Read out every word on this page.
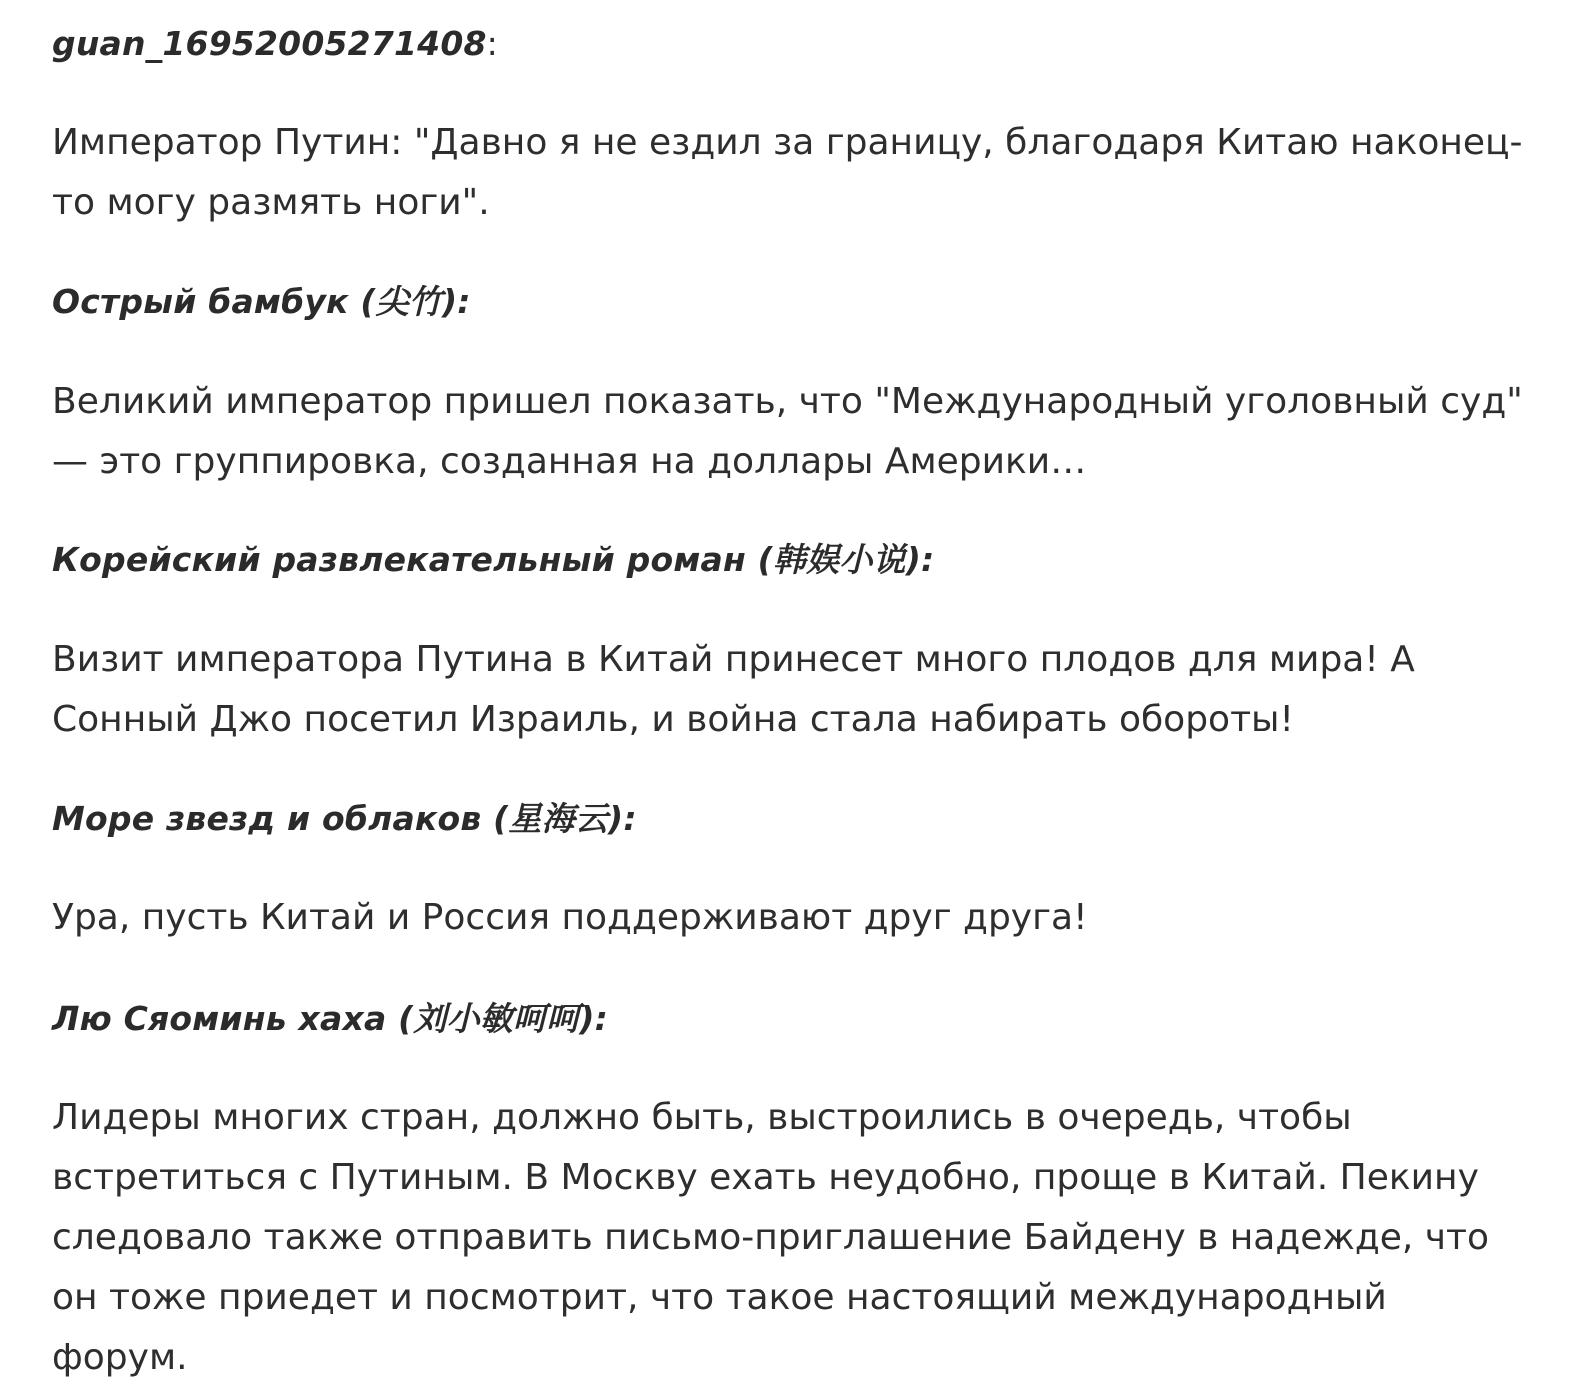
guan_16952005271408:

Император Путин: "Давно я не ездил за границу, благодаря Китаю наконец-то могу размять ноги".

Острый бамбук (尖竹):

Великий император пришел показать, что "Международный уголовный суд" — это группировка, созданная на доллары Америки…

Корейский развлекательный роман (韩娱小说):

Визит императора Путина в Китай принесет много плодов для мира! А Сонный Джо посетил Израиль, и война стала набирать обороты!

Море звезд и облаков (星海云):

Ура, пусть Китай и Россия поддерживают друг друга!

Лю Сяоминь хаха (刘小敏呵呵):

Лидеры многих стран, должно быть, выстроились в очередь, чтобы встретиться с Путиным. В Москву ехать неудобно, проще в Китай. Пекину следовало также отправить письмо-приглашение Байдену в надежде, что он тоже приедет и посмотрит, что такое настоящий международный форум.
